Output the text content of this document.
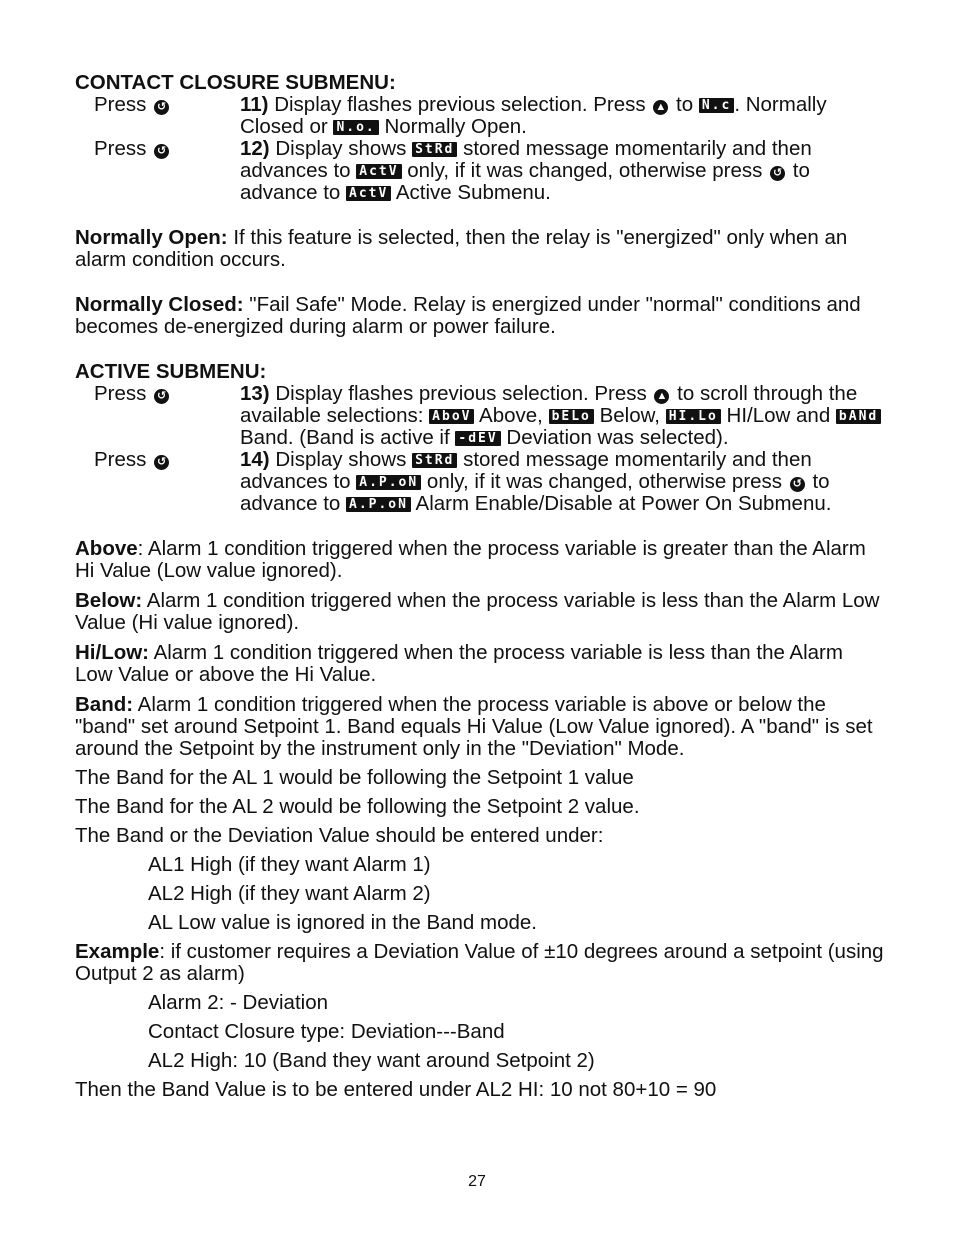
CONTACT CLOSURE SUBMENU:
Press ↺	11) Display flashes previous selection. Press ▲ to N.c . Normally Closed or N.o. Normally Open.
Press ↺	12) Display shows StRd stored message momentarily and then advances to ActV only, if it was changed, otherwise press ↺ to advance to ActV Active Submenu.
Normally Open: If this feature is selected, then the relay is "energized" only when an alarm condition occurs.
Normally Closed: "Fail Safe" Mode. Relay is energized under "normal" conditions and becomes de-energized during alarm or power failure.
ACTIVE SUBMENU:
Press ↺	13) Display flashes previous selection. Press ▲ to scroll through the available selections: AboV Above, bELo Below, HI.Lo HI/Low and bANd Band. (Band is active if -dEV Deviation was selected).
Press ↺	14) Display shows StRd stored message momentarily and then advances to A.P.oN only, if it was changed, otherwise press ↺ to advance to A.P.oN Alarm Enable/Disable at Power On Submenu.
Above: Alarm 1 condition triggered when the process variable is greater than the Alarm Hi Value (Low value ignored).
Below: Alarm 1 condition triggered when the process variable is less than the Alarm Low Value (Hi value ignored).
Hi/Low: Alarm 1 condition triggered when the process variable is less than the Alarm Low Value or above the Hi Value.
Band: Alarm 1 condition triggered when the process variable is above or below the "band" set around Setpoint 1. Band equals Hi Value (Low Value ignored). A "band" is set around the Setpoint by the instrument only in the "Deviation" Mode.
The Band for the AL 1 would be following the Setpoint 1 value
The Band for the AL 2 would be following the Setpoint 2 value.
The Band or the Deviation Value should be entered under:
AL1 High (if they want Alarm 1)
AL2 High (if they want Alarm 2)
AL Low value is ignored in the Band mode.
Example: if customer requires a Deviation Value of ±10 degrees around a setpoint (using Output 2 as alarm)
Alarm 2: - Deviation
Contact Closure type: Deviation---Band
AL2 High: 10 (Band they want around Setpoint 2)
Then the Band Value is to be entered under AL2 HI: 10 not 80+10 = 90
27
